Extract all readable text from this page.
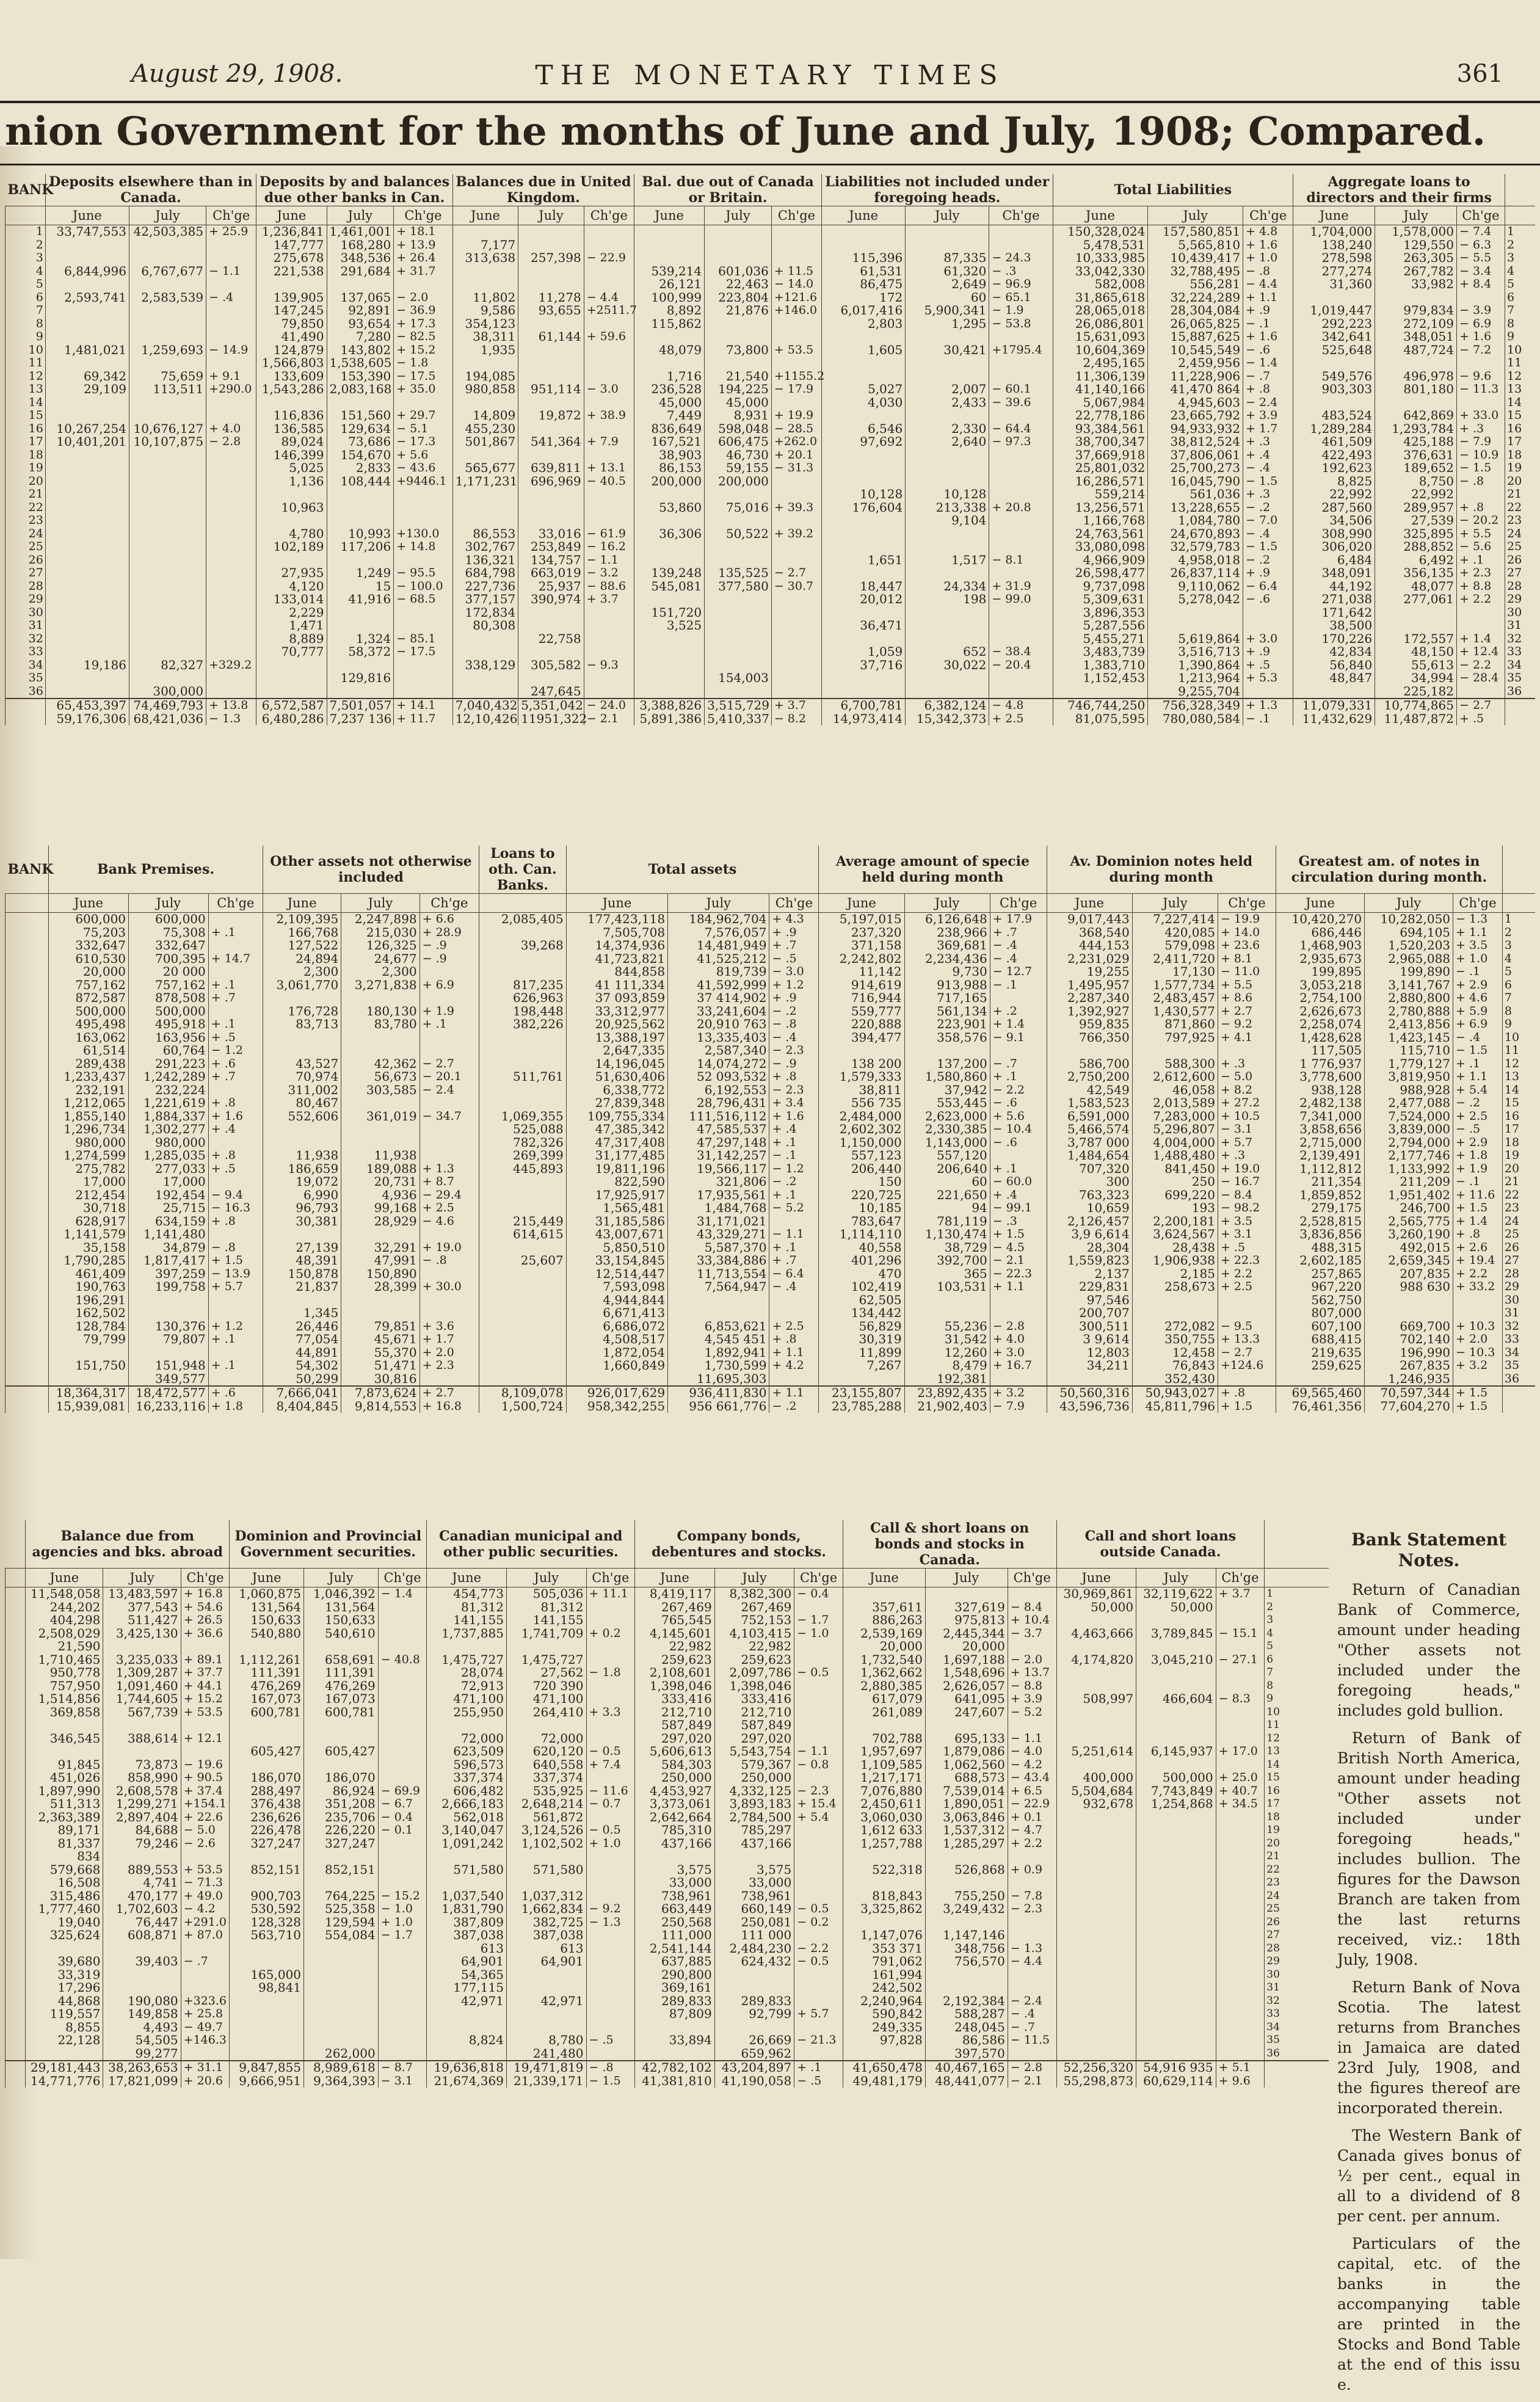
August 29, 1908.	THE MONETARY TIMES	361
nion Government for the months of June and July, 1908; Compared.
BANK	Deposits elsewhere than in Canada.			Deposits by and balances due other banks in Can.			Balances due in United Kingdom.			Bal. due out of Canada or Britain.			Liabilities not included under foregoing heads.			Total Liabilities			Aggregate loans to directors and their firms			
	June	July	Ch'ge	June	July	Ch'ge	June	July	Ch'ge	June	July	Ch'ge	June	July	Ch'ge	June	July	Ch'ge	June	July	Ch'ge	
1	33,747,553	42,503,385	+ 25.9	1,236,841	1,461,001	+ 18.1										150,328,024	157,580,851	+ 4.8	1,704,000	1,578,000	− 7.4	1
2				147,777	168,280	+ 13.9	7,177									5,478,531	5,565,810	+ 1.6	138,240	129,550	− 6.3	2
3				275,678	348,536	+ 26.4	313,638	257,398	− 22.9				115,396	87,335	− 24.3	10,333,985	10,439,417	+ 1.0	278,598	263,305	− 5.5	3
4	6,844,996	6,767,677	− 1.1	221,538	291,684	+ 31.7				539,214	601,036	+ 11.5	61,531	61,320	− .3	33,042,330	32,788,495	− .8	277,274	267,782	− 3.4	4
5										26,121	22,463	− 14.0	86,475	2,649	− 96.9	582,008	556,281	− 4.4	31,360	33,982	+ 8.4	5
6	2,593,741	2,583,539	− .4	139,905	137,065	− 2.0	11,802	11,278	− 4.4	100,999	223,804	+121.6	172	60	− 65.1	31,865,618	32,224,289	+ 1.1				6
7				147,245	92,891	− 36.9	9,586	93,655	+2511.7	8,892	21,876	+146.0	6,017,416	5,900,341	− 1.9	28,065,018	28,304,084	+ .9	1,019,447	979,834	− 3.9	7
8				79,850	93,654	+ 17.3	354,123			115,862			2,803	1,295	− 53.8	26,086,801	26,065,825	− .1	292,223	272,109	− 6.9	8
9				41,490	7,280	− 82.5	38,311	61,144	+ 59.6							15,631,093	15,887,625	+ 1.6	342,641	348,051	+ 1.6	9
10	1,481,021	1,259,693	− 14.9	124,879	143,802	+ 15.2	1,935			48,079	73,800	+ 53.5	1,605	30,421	+1795.4	10,604,369	10,545,549	− .6	525,648	487,724	− 7.2	10
11				1,566,803	1,538,605	− 1.8										2,495,165	2,459,956	− 1.4				11
12	69,342	75,659	+ 9.1	133,609	153,390	− 17.5	194,085			1,716	21,540	+1155.2				11,306,139	11,228,906	− .7	549,576	496,978	− 9.6	12
13	29,109	113,511	+290.0	1,543,286	2,083,168	+ 35.0	980,858	951,114	− 3.0	236,528	194,225	− 17.9	5,027	2,007	− 60.1	41,140,166	41,470 864	+ .8	903,303	801,180	− 11.3	13
14										45,000	45,000		4,030	2,433	− 39.6	5,067,984	4,945,603	− 2.4				14
15				116,836	151,560	+ 29.7	14,809	19,872	+ 38.9	7,449	8,931	+ 19.9				22,778,186	23,665,792	+ 3.9	483,524	642,869	+ 33.0	15
16	10,267,254	10,676,127	+ 4.0	136,585	129,634	− 5.1	455,230			836,649	598,048	− 28.5	6,546	2,330	− 64.4	93,384,561	94,933,932	+ 1.7	1,289,284	1,293,784	+ .3	16
17	10,401,201	10,107,875	− 2.8	89,024	73,686	− 17.3	501,867	541,364	+ 7.9	167,521	606,475	+262.0	97,692	2,640	− 97.3	38,700,347	38,812,524	+ .3	461,509	425,188	− 7.9	17
18				146,399	154,670	+ 5.6				38,903	46,730	+ 20.1				37,669,918	37,806,061	+ .4	422,493	376,631	− 10.9	18
19				5,025	2,833	− 43.6	565,677	639,811	+ 13.1	86,153	59,155	− 31.3				25,801,032	25,700,273	− .4	192,623	189,652	− 1.5	19
20				1,136	108,444	+9446.1	1,171,231	696,969	− 40.5	200,000	200,000					16,286,571	16,045,790	− 1.5	8,825	8,750	− .8	20
21													10,128	10,128		559,214	561,036	+ .3	22,992	22,992		21
22				10,963						53,860	75,016	+ 39.3	176,604	213,338	+ 20.8	13,256,571	13,228,655	− .2	287,560	289,957	+ .8	22
23														9,104		1,166,768	1,084,780	− 7.0	34,506	27,539	− 20.2	23
24				4,780	10,993	+130.0	86,553	33,016	− 61.9	36,306	50,522	+ 39.2				24,763,561	24,670,893	− .4	308,990	325,895	+ 5.5	24
25				102,189	117,206	+ 14.8	302,767	253,849	− 16.2							33,080,098	32,579,783	− 1.5	306,020	288,852	− 5.6	25
26							136,321	134,757	− 1.1				1,651	1,517	− 8.1	4,966,909	4,958,018	− .2	6,484	6,492	+ .1	26
27				27,935	1,249	− 95.5	684,798	663,019	− 3.2	139,248	135,525	− 2.7				26,598,477	26,837,114	+ .9	348,091	356,135	+ 2.3	27
28				4,120	15	− 100.0	227,736	25,937	− 88.6	545,081	377,580	− 30.7	18,447	24,334	+ 31.9	9,737,098	9,110,062	− 6.4	44,192	48,077	+ 8.8	28
29				133,014	41,916	− 68.5	377,157	390,974	+ 3.7				20,012	198	− 99.0	5,309,631	5,278,042	− .6	271,038	277,061	+ 2.2	29
30				2,229			172,834			151,720						3,896,353			171,642			30
31				1,471			80,308			3,525			36,471			5,287,556			38,500			31
32				8,889	1,324	− 85.1		22,758								5,455,271	5,619,864	+ 3.0	170,226	172,557	+ 1.4	32
33				70,777	58,372	− 17.5							1,059	652	− 38.4	3,483,739	3,516,713	+ .9	42,834	48,150	+ 12.4	33
34	19,186	82,327	+329.2				338,129	305,582	− 9.3				37,716	30,022	− 20.4	1,383,710	1,390,864	+ .5	56,840	55,613	− 2.2	34
35					129,816						154,003					1,152,453	1,213,964	+ 5.3	48,847	34,994	− 28.4	35
36		300,000						247,645									9,255,704			225,182		36
	65,453,397	74,469,793	+ 13.8	6,572,587	7,501,057	+ 14.1	7,040,432	5,351,042	− 24.0	3,388,826	3,515,729	+ 3.7	6,700,781	6,382,124	− 4.8	746,744,250	756,328,349	+ 1.3	11,079,331	10,774,865	− 2.7	
	59,176,306	68,421,036	− 1.3	6,480,286	7,237 136	+ 11.7	12,10,426	11951,322	− 2.1	5,891,386	5,410,337	− 8.2	14,973,414	15,342,373	+ 2.5	81,075,595	780,080,584	− .1	11,432,629	11,487,872	+ .5	
BANK	Bank Premises.			Other assets not otherwise included			Loans to oth. Can. Banks.	Total assets			Average amount of specie held during month			Av. Dominion notes held during month			Greatest am. of notes in circulation during month.			
	June	July	Ch'ge	June	July	Ch'ge		June	July	Ch'ge	June	July	Ch'ge	June	July	Ch'ge	June	July	Ch'ge	
	600,000	600,000		2,109,395	2,247,898	+ 6.6	2,085,405	177,423,118	184,962,704	+ 4.3	5,197,015	6,126,648	+ 17.9	9,017,443	7,227,414	− 19.9	10,420,270	10,282,050	− 1.3	1
	75,203	75,308	+ .1	166,768	215,030	+ 28.9		7,505,708	7,576,057	+ .9	237,320	238,966	+ .7	368,540	420,085	+ 14.0	686,446	694,105	+ 1.1	2
	332,647	332,647		127,522	126,325	− .9	39,268	14,374,936	14,481,949	+ .7	371,158	369,681	− .4	444,153	579,098	+ 23.6	1,468,903	1,520,203	+ 3.5	3
	610,530	700,395	+ 14.7	24,894	24,677	− .9		41,723,821	41,525,212	− .5	2,242,802	2,234,436	− .4	2,231,029	2,411,720	+ 8.1	2,935,673	2,965,088	+ 1.0	4
	20,000	20 000		2,300	2,300			844,858	819,739	− 3.0	11,142	9,730	− 12.7	19,255	17,130	− 11.0	199,895	199,890	− .1	5
	757,162	757,162	+ .1	3,061,770	3,271,838	+ 6.9	817,235	41 111,334	41,592,999	+ 1.2	914,619	913,988	− .1	1,495,957	1,577,734	+ 5.5	3,053,218	3,141,767	+ 2.9	6
	872,587	878,508	+ .7				626,963	37 093,859	37 414,902	+ .9	716,944	717,165		2,287,340	2,483,457	+ 8.6	2,754,100	2,880,800	+ 4.6	7
	500,000	500,000		176,728	180,130	+ 1.9	198,448	33,312,977	33,241,604	− .2	559,777	561,134	+ .2	1,392,927	1,430,577	+ 2.7	2,626,673	2,780,888	+ 5.9	8
	495,498	495,918	+ .1	83,713	83,780	+ .1	382,226	20,925,562	20,910 763	− .8	220,888	223,901	+ 1.4	959,835	871,860	− 9.2	2,258,074	2,413,856	+ 6.9	9
	163,062	163,956	+ .5					13,388,197	13,335,403	− .4	394,477	358,576	− 9.1	766,350	797,925	+ 4.1	1,428,628	1,423,145	− .4	10
	61,514	60,764	− 1.2					2,647,335	2,587,340	− 2.3							117,505	115,710	− 1.5	11
	289,438	291,223	+ .6	43,527	42,362	− 2.7		14,196,045	14,074,272	− .9	138 200	137,200	− .7	586,700	588,300	+ .3	1 776,937	1,779,127	+ .1	12
	1,233,437	1,242,289	+ .7	70,974	56,673	− 20.1	511,761	51,630,406	52 093,532	+ .8	1,579,333	1,580,860	+ .1	2,750,200	2,612,600	− 5.0	3,778,600	3,819,950	+ 1.1	13
	232,191	232,224		311,002	303,585	− 2.4		6,338,772	6,192,553	− 2.3	38,811	37,942	− 2.2	42,549	46,058	+ 8.2	938,128	988,928	+ 5.4	14
	1,212,065	1,221,619	+ .8	80,467				27,839,348	28,796,431	+ 3.4	556 735	553,445	− .6	1,583,523	2,013,589	+ 27.2	2,482,138	2,477,088	− .2	15
	1,855,140	1,884,337	+ 1.6	552,606	361,019	− 34.7	1,069,355	109,755,334	111,516,112	+ 1.6	2,484,000	2,623,000	+ 5.6	6,591,000	7,283,000	+ 10.5	7,341,000	7,524,000	+ 2.5	16
	1,296,734	1,302,277	+ .4				525,088	47,385,342	47,585,537	+ .4	2,602,302	2,330,385	− 10.4	5,466,574	5,296,807	− 3.1	3,858,656	3,839,000	− .5	17
	980,000	980,000					782,326	47,317,408	47,297,148	+ .1	1,150,000	1,143,000	− .6	3,787 000	4,004,000	+ 5.7	2,715,000	2,794,000	+ 2.9	18
	1,274,599	1,285,035	+ .8	11,938	11,938		269,399	31,177,485	31,142,257	− .1	557,123	557,120		1,484,654	1,488,480	+ .3	2,139,491	2,177,746	+ 1.8	19
	275,782	277,033	+ .5	186,659	189,088	+ 1.3	445,893	19,811,196	19,566,117	− 1.2	206,440	206,640	+ .1	707,320	841,450	+ 19.0	1,112,812	1,133,992	+ 1.9	20
	17,000	17,000		19,072	20,731	+ 8.7		822,590	321,806	− .2	150	60	− 60.0	300	250	− 16.7	211,354	211,209	− .1	21
	212,454	192,454	− 9.4	6,990	4,936	− 29.4		17,925,917	17,935,561	+ .1	220,725	221,650	+ .4	763,323	699,220	− 8.4	1,859,852	1,951,402	+ 11.6	22
	30,718	25,715	− 16.3	96,793	99,168	+ 2.5		1,565,481	1,484,768	− 5.2	10,185	94	− 99.1	10,659	193	− 98.2	279,175	246,700	+ 1.5	23
	628,917	634,159	+ .8	30,381	28,929	− 4.6	215,449	31,185,586	31,171,021		783,647	781,119	− .3	2,126,457	2,200,181	+ 3.5	2,528,815	2,565,775	+ 1.4	24
	1,141,579	1,141,480					614,615	43,007,671	43,329,271	− 1.1	1,114,110	1,130,474	+ 1.5	3,9 6,614	3,624,567	+ 3.1	3,836,856	3,260,190	+ .8	25
	35,158	34,879	− .8	27,139	32,291	+ 19.0		5,850,510	5,587,370	+ .1	40,558	38,729	− 4.5	28,304	28,438	+ .5	488,315	492,015	+ 2.6	26
	1,790,285	1,817,417	+ 1.5	48,391	47,991	− .8	25,607	33,154,845	33,384,886	+ .7	401,296	392,700	− 2.1	1,559,823	1,906,938	+ 22.3	2,602,185	2,659,345	+ 19.4	27
	461,409	397,259	− 13.9	150,878	150,890			12,514,447	11,713,554	− 6.4	470	365	− 22.3	2,137	2,185	+ 2.2	257,865	207,835	+ 2.2	28
	190,763	199,758	+ 5.7	21,837	28,399	+ 30.0		7,593,098	7,564,947	− .4	102,419	103,531	+ 1.1	229,831	258,673	+ 2.5	967,220	988 630	+ 33.2	29
	196,291							4,944,844			62,505			97,546			562,750			30
	162,502			1,345				6,671,413			134,442			200,707			807,000			31
	128,784	130,376	+ 1.2	26,446	79,851	+ 3.6		6,686,072	6,853,621	+ 2.5	56,829	55,236	− 2.8	300,511	272,082	− 9.5	607,100	669,700	+ 10.3	32
	79,799	79,807	+ .1	77,054	45,671	+ 1.7		4,508,517	4,545 451	+ .8	30,319	31,542	+ 4.0	3 9,614	350,755	+ 13.3	688,415	702,140	+ 2.0	33
				44,891	55,370	+ 2.0		1,872,054	1,892,941	+ 1.1	11,899	12,260	+ 3.0	12,803	12,458	− 2.7	219,635	196,990	− 10.3	34
	151,750	151,948	+ .1	54,302	51,471	+ 2.3		1,660,849	1,730,599	+ 4.2	7,267	8,479	+ 16.7	34,211	76,843	+124.6	259,625	267,835	+ 3.2	35
		349,577		50,299	30,816				11,695,303			192,381			352,430			1,246,935		36
	18,364,317	18,472,577	+ .6	7,666,041	7,873,624	+ 2.7	8,109,078	926,017,629	936,411,830	+ 1.1	23,155,807	23,892,435	+ 3.2	50,560,316	50,943,027	+ .8	69,565,460	70,597,344	+ 1.5	
	15,939,081	16,233,116	+ 1.8	8,404,845	9,814,553	+ 16.8	1,500,724	958,342,255	956 661,776	− .2	23,785,288	21,902,403	− 7.9	43,596,736	45,811,796	+ 1.5	76,461,356	77,604,270	+ 1.5	
	Balance due from agencies and bks. abroad			Dominion and Provincial Government securities.			Canadian municipal and other public securities.			Company bonds, debentures and stocks.			Call & short loans on bonds and stocks in Canada.			Call and short loans outside Canada.			
	June	July	Ch'ge	June	July	Ch'ge	June	July	Ch'ge	June	July	Ch'ge	June	July	Ch'ge	June	July	Ch'ge	
	11,548,058	13,483,597	+ 16.8	1,060,875	1,046,392	− 1.4	454,773	505,036	+ 11.1	8,419,117	8,382,300	− 0.4				30,969,861	32,119,622	+ 3.7	1
	244,202	377,543	+ 54.6	131,564	131,564		81,312	81,312		267,469	267,469		357,611	327,619	− 8.4	50,000	50,000		2
	404,298	511,427	+ 26.5	150,633	150,633		141,155	141,155		765,545	752,153	− 1.7	886,263	975,813	+ 10.4				3
	2,508,029	3,425,130	+ 36.6	540,880	540,610		1,737,885	1,741,709	+ 0.2	4,145,601	4,103,415	− 1.0	2,539,169	2,445,344	− 3.7	4,463,666	3,789,845	− 15.1	4
	21,590									22,982	22,982		20,000	20,000					5
	1,710,465	3,235,033	+ 89.1	1,112,261	658,691	− 40.8	1,475,727	1,475,727		259,623	259,623		1,732,540	1,697,188	− 2.0	4,174,820	3,045,210	− 27.1	6
	950,778	1,309,287	+ 37.7	111,391	111,391		28,074	27,562	− 1.8	2,108,601	2,097,786	− 0.5	1,362,662	1,548,696	+ 13.7				7
	757,950	1,091,460	+ 44.1	476,269	476,269		72,913	720 390		1,398,046	1,398,046		2,880,385	2,626,057	− 8.8				8
	1,514,856	1,744,605	+ 15.2	167,073	167,073		471,100	471,100		333,416	333,416		617,079	641,095	+ 3.9	508,997	466,604	− 8.3	9
	369,858	567,739	+ 53.5	600,781	600,781		255,950	264,410	+ 3.3	212,710	212,710		261,089	247,607	− 5.2				10
										587,849	587,849								11
	346,545	388,614	+ 12.1				72,000	72,000		297,020	297,020		702,788	695,133	− 1.1				12
				605,427	605,427		623,509	620,120	− 0.5	5,606,613	5,543,754	− 1.1	1,957,697	1,879,086	− 4.0	5,251,614	6,145,937	+ 17.0	13
	91,845	73,873	− 19.6				596,573	640,558	+ 7.4	584,303	579,367	− 0.8	1,109,585	1,062,560	− 4.2				14
	451,026	858,990	+ 90.5	186,070	186,070		337,374	337,374		250,000	250,000		1,217,171	688,573	− 43.4	400,000	500,000	+ 25.0	15
	1,897,990	2,608,578	+ 37.4	288,497	86,924	− 69.9	606,482	535,925	− 11.6	4,453,927	4,332,125	− 2.3	7,076,880	7,539,014	+ 6.5	5,504,684	7,743,849	+ 40.7	16
	511,313	1,299,271	+154.1	376,438	351,208	− 6.7	2,666,183	2,648,214	− 0.7	3,373,061	3,893,183	+ 15.4	2,450,611	1,890,051	− 22.9	932,678	1,254,868	+ 34.5	17
	2,363,389	2,897,404	+ 22.6	236,626	235,706	− 0.4	562,018	561,872		2,642,664	2,784,500	+ 5.4	3,060,030	3,063,846	+ 0.1				18
	89,171	84,688	− 5.0	226,478	226,220	− 0.1	3,140,047	3,124,526	− 0.5	785,310	785,297		1,612 633	1,537,312	− 4.7				19
	81,337	79,246	− 2.6	327,247	327,247		1,091,242	1,102,502	+ 1.0	437,166	437,166		1,257,788	1,285,297	+ 2.2				20
	834																		21
	579,668	889,553	+ 53.5	852,151	852,151		571,580	571,580		3,575	3,575		522,318	526,868	+ 0.9				22
	16,508	4,741	− 71.3							33,000	33,000								23
	315,486	470,177	+ 49.0	900,703	764,225	− 15.2	1,037,540	1,037,312		738,961	738,961		818,843	755,250	− 7.8				24
	1,777,460	1,702,603	− 4.2	530,592	525,358	− 1.0	1,831,790	1,662,834	− 9.2	663,449	660,149	− 0.5	3,325,862	3,249,432	− 2.3				25
	19,040	76,447	+291.0	128,328	129,594	+ 1.0	387,809	382,725	− 1.3	250,568	250,081	− 0.2							26
	325,624	608,871	+ 87.0	563,710	554,084	− 1.7	387,038	387,038		111,000	111 000		1,147,076	1,147,146					27
							613	613		2,541,144	2,484,230	− 2.2	353 371	348,756	− 1.3				28
	39,680	39,403	− .7				64,901	64,901		637,885	624,432	− 0.5	791,062	756,570	− 4.4				29
	33,319			165,000			54,365			290,800			161,994						30
	17,296			98,841			177,115			369,161			242,502						31
	44,868	190,080	+323.6				42,971	42,971		289,833	289,833		2,240,964	2,192,384	− 2.4				32
	119,557	149,858	+ 25.8							87,809	92,799	+ 5.7	590,842	588,287	− .4				33
	8,855	4,493	− 49.7										249,335	248,045	− .7				34
	22,128	54,505	+146.3				8,824	8,780	− .5	33,894	26,669	− 21.3	97,828	86,586	− 11.5				35
		99,277			262,000			241,480			659,962			397,570					36
	29,181,443	38,263,653	+ 31.1	9,847,855	8,989,618	− 8.7	19,636,818	19,471,819	− .8	42,782,102	43,204,897	+ .1	41,650,478	40,467,165	− 2.8	52,256,320	54,916 935	+ 5.1	
	14,771,776	17,821,099	+ 20.6	9,666,951	9,364,393	− 3.1	21,674,369	21,339,171	− 1.5	41,381,810	41,190,058	− .5	49,481,179	48,441,077	− 2.1	55,298,873	60,629,114	+ 9.6	
Bank Statement Notes.

Return of Canadian Bank of Commerce, amount under heading "Other assets not included under the foregoing heads," includes gold bullion.

Return of Bank of British North America, amount under heading "Other assets not included under foregoing heads," includes bullion. The figures for the Dawson Branch are taken from the last returns received, viz.: 18th July, 1908.

Return Bank of Nova Scotia. The latest returns from Branches in Jamaica are dated 23rd July, 1908, and the figures thereof are incorporated therein.

The Western Bank of Canada gives bonus of ½ per cent., equal in all to a dividend of 8 per cent. per annum.

Particulars of the capital, etc. of the banks in the accompanying table are printed in the Stocks and Bond Table at the end of this issu e.
